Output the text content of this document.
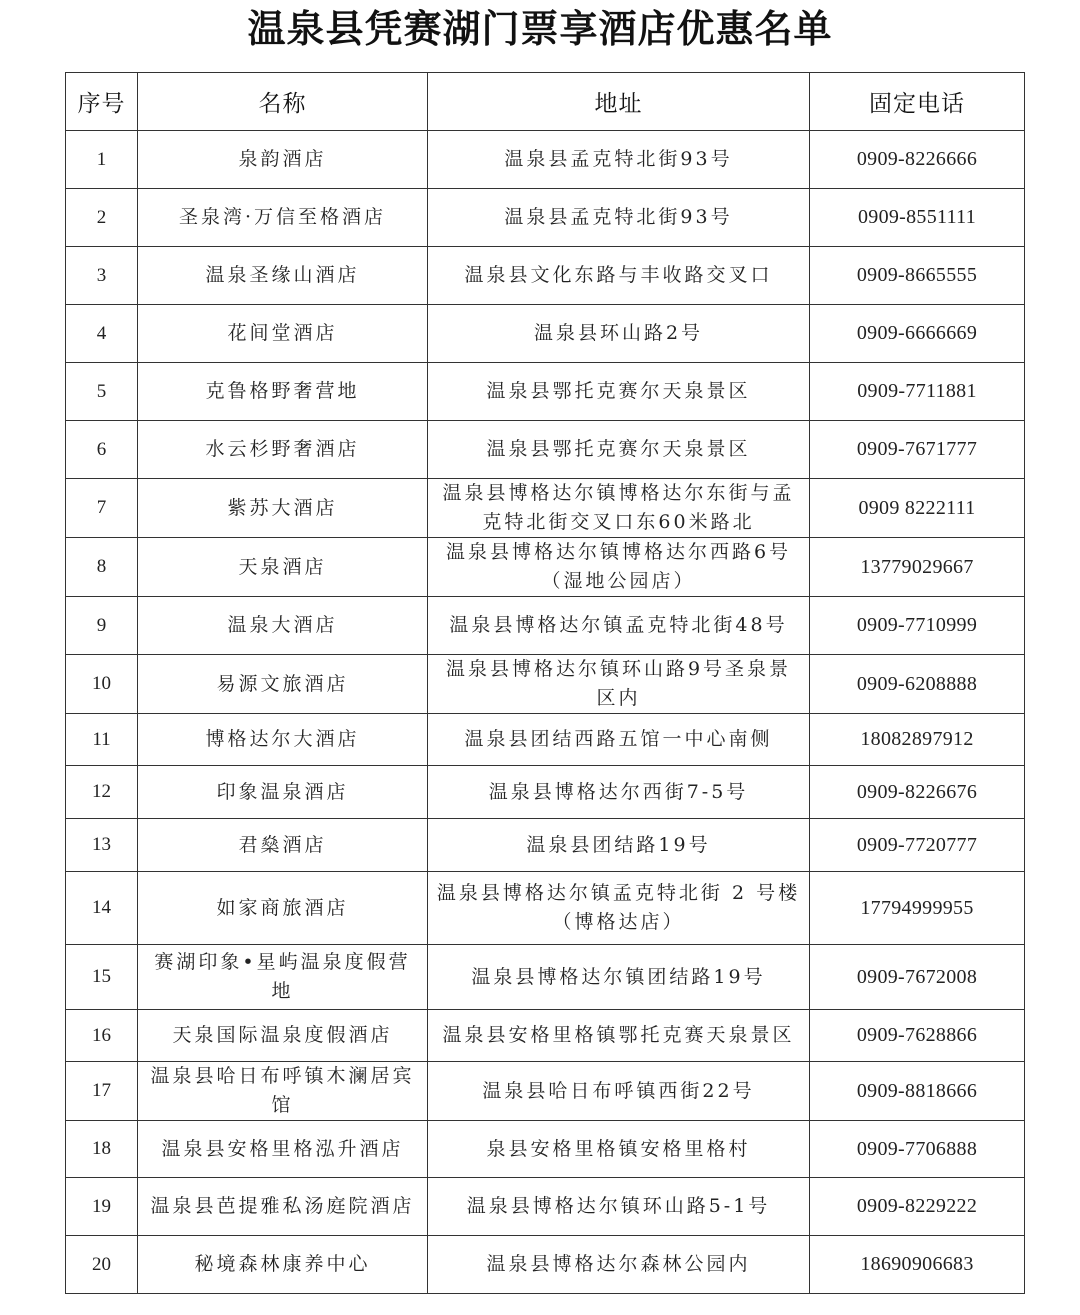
温泉县凭赛湖门票享酒店优惠名单
序号	名称	地址	固定电话
1	泉韵酒店	温泉县孟克特北街93号	0909-8226666
2	圣泉湾·万信至格酒店	温泉县孟克特北街93号	0909-8551111
3	温泉圣缘山酒店	温泉县文化东路与丰收路交叉口	0909-8665555
4	花间堂酒店	温泉县环山路2号	0909-6666669
5	克鲁格野奢营地	温泉县鄂托克赛尔天泉景区	0909-7711881
6	水云杉野奢酒店	温泉县鄂托克赛尔天泉景区	0909-7671777
7	紫苏大酒店	温泉县博格达尔镇博格达尔东街与孟克特北街交叉口东60米路北	0909 8222111
8	天泉酒店	温泉县博格达尔镇博格达尔西路6号（湿地公园店）	13779029667
9	温泉大酒店	温泉县博格达尔镇孟克特北街48号	0909-7710999
10	易源文旅酒店	温泉县博格达尔镇环山路9号圣泉景区内	0909-6208888
11	博格达尔大酒店	温泉县团结西路五馆一中心南侧	18082897912
12	印象温泉酒店	温泉县博格达尔西街7-5号	0909-8226676
13	君燊酒店	温泉县团结路19号	0909-7720777
14	如家商旅酒店	温泉县博格达尔镇孟克特北街 2 号楼（博格达店）	17794999955
15	赛湖印象•星屿温泉度假营地	温泉县博格达尔镇团结路19号	0909-7672008
16	天泉国际温泉度假酒店	温泉县安格里格镇鄂托克赛天泉景区	0909-7628866
17	温泉县哈日布呼镇木澜居宾馆	温泉县哈日布呼镇西街22号	0909-8818666
18	温泉县安格里格泓升酒店	泉县安格里格镇安格里格村	0909-7706888
19	温泉县芭提雅私汤庭院酒店	温泉县博格达尔镇环山路5-1号	0909-8229222
20	秘境森林康养中心	温泉县博格达尔森林公园内	18690906683
